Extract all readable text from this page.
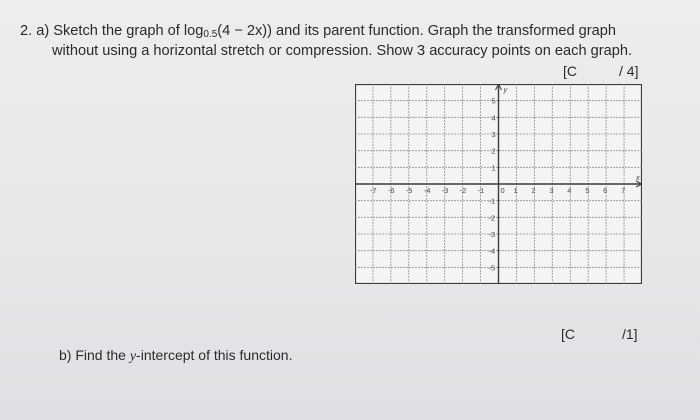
2. a) Sketch the graph of $\log_{0.5}(4 - 2x)$) and its parent function. Graph the transformed graph
without using a horizontal stretch or compression. Show 3 accuracy points on each graph.
[C	/ 4]
-7 -6 -5 -4 -3 -2 -1 0 1 2 3 4 5 6 7
5
4
3
2
1
-1
-2
-3
-4
-5
x
y
[C	/1]
b) Find the y-intercept of this function.
